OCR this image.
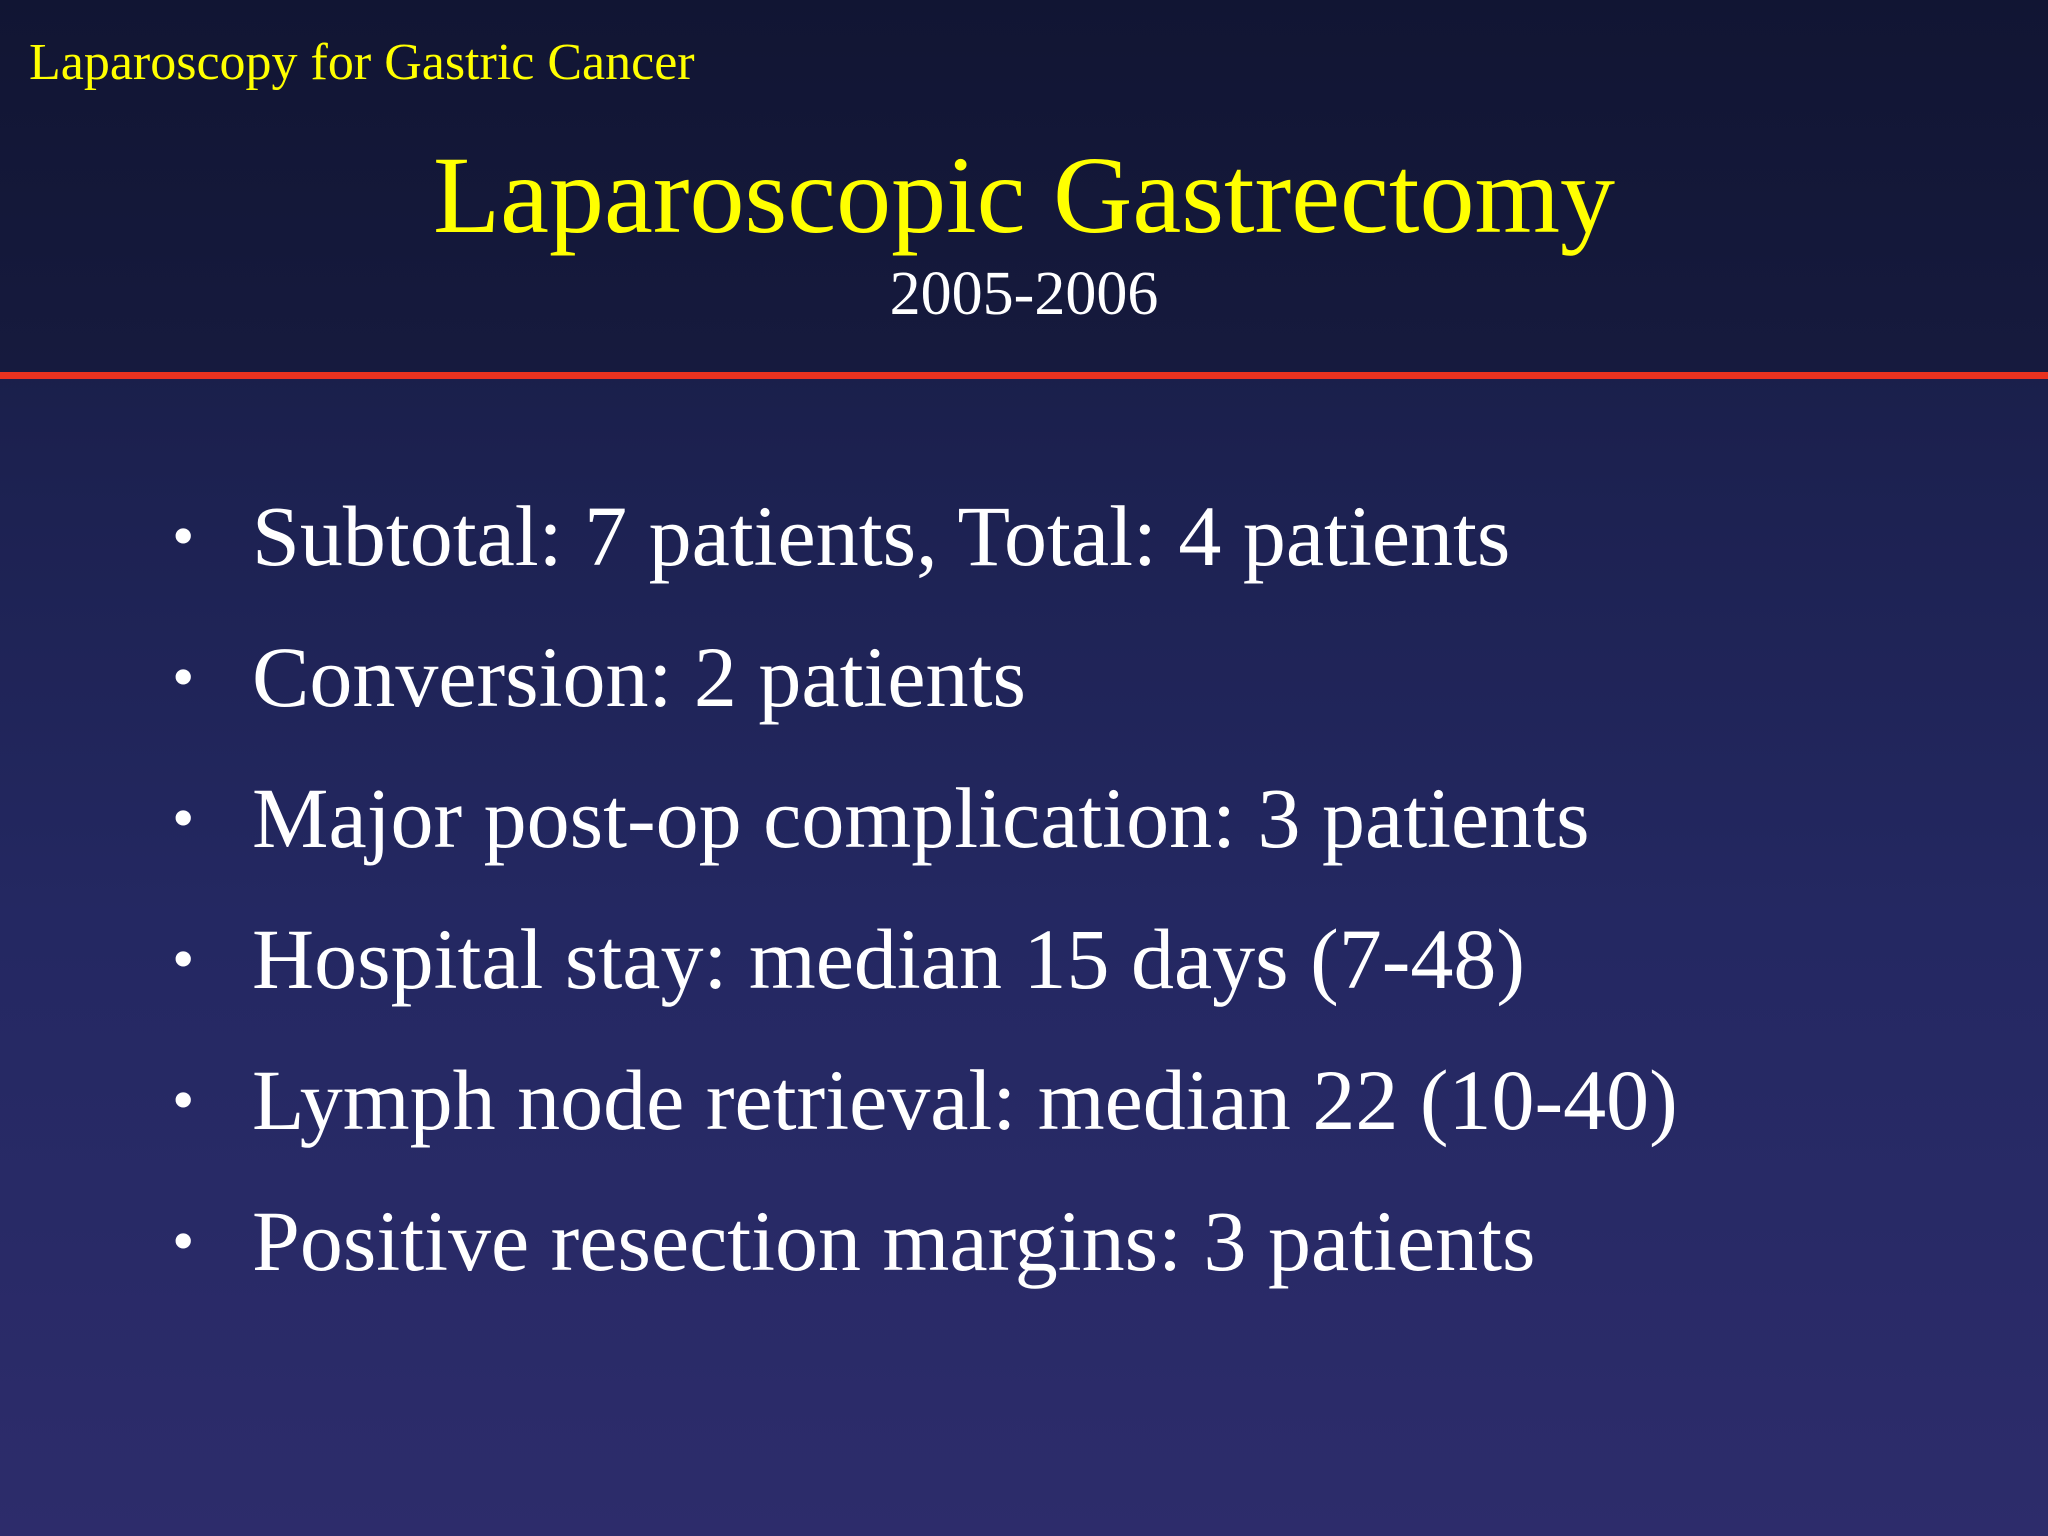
Laparoscopy for Gastric Cancer
Laparoscopic Gastrectomy
2005-2006
• Subtotal: 7 patients, Total: 4 patients
• Conversion: 2 patients
• Major post-op complication: 3 patients
• Hospital stay: median 15 days (7-48)
• Lymph node retrieval: median 22 (10-40)
• Positive resection margins: 3 patients
